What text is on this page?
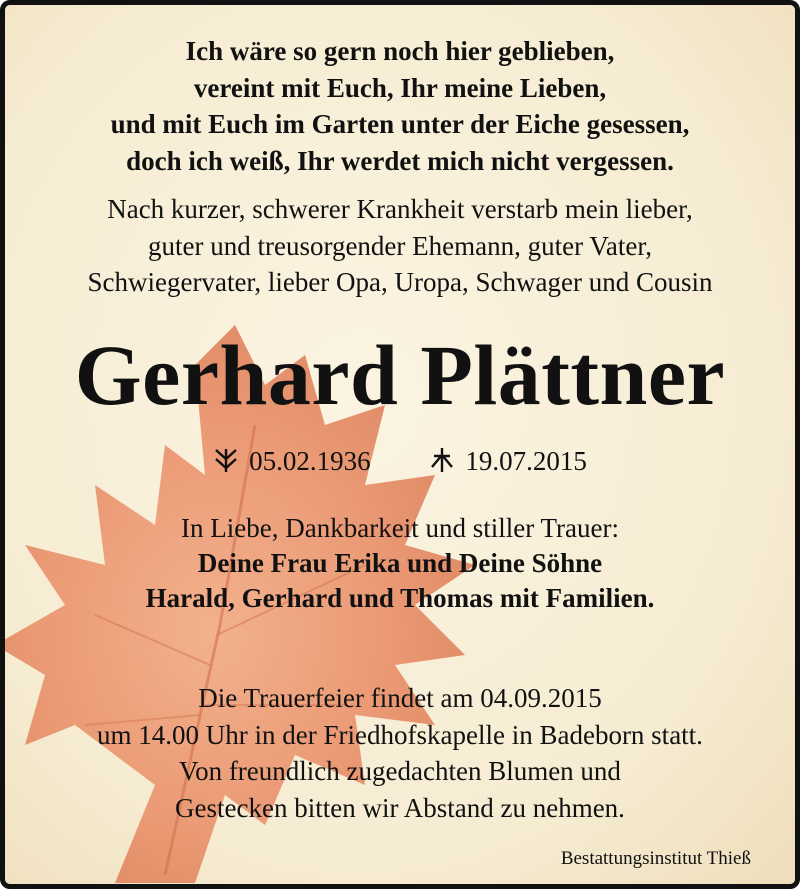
Ich wäre so gern noch hier geblieben,
vereint mit Euch, Ihr meine Lieben,
und mit Euch im Garten unter der Eiche gesessen,
doch ich weiß, Ihr werdet mich nicht vergessen.
Nach kurzer, schwerer Krankheit verstarb mein lieber,
guter und treusorgender Ehemann, guter Vater,
Schwiegervater, lieber Opa, Uropa, Schwager und Cousin
Gerhard Plättner
05.02.1936	19.07.2015
In Liebe, Dankbarkeit und stiller Trauer:
Deine Frau Erika und Deine Söhne
Harald, Gerhard und Thomas mit Familien.
Die Trauerfeier findet am 04.09.2015
um 14.00 Uhr in der Friedhofskapelle in Badeborn statt.
Von freundlich zugedachten Blumen und
Gestecken bitten wir Abstand zu nehmen.
Bestattungsinstitut Thieß
